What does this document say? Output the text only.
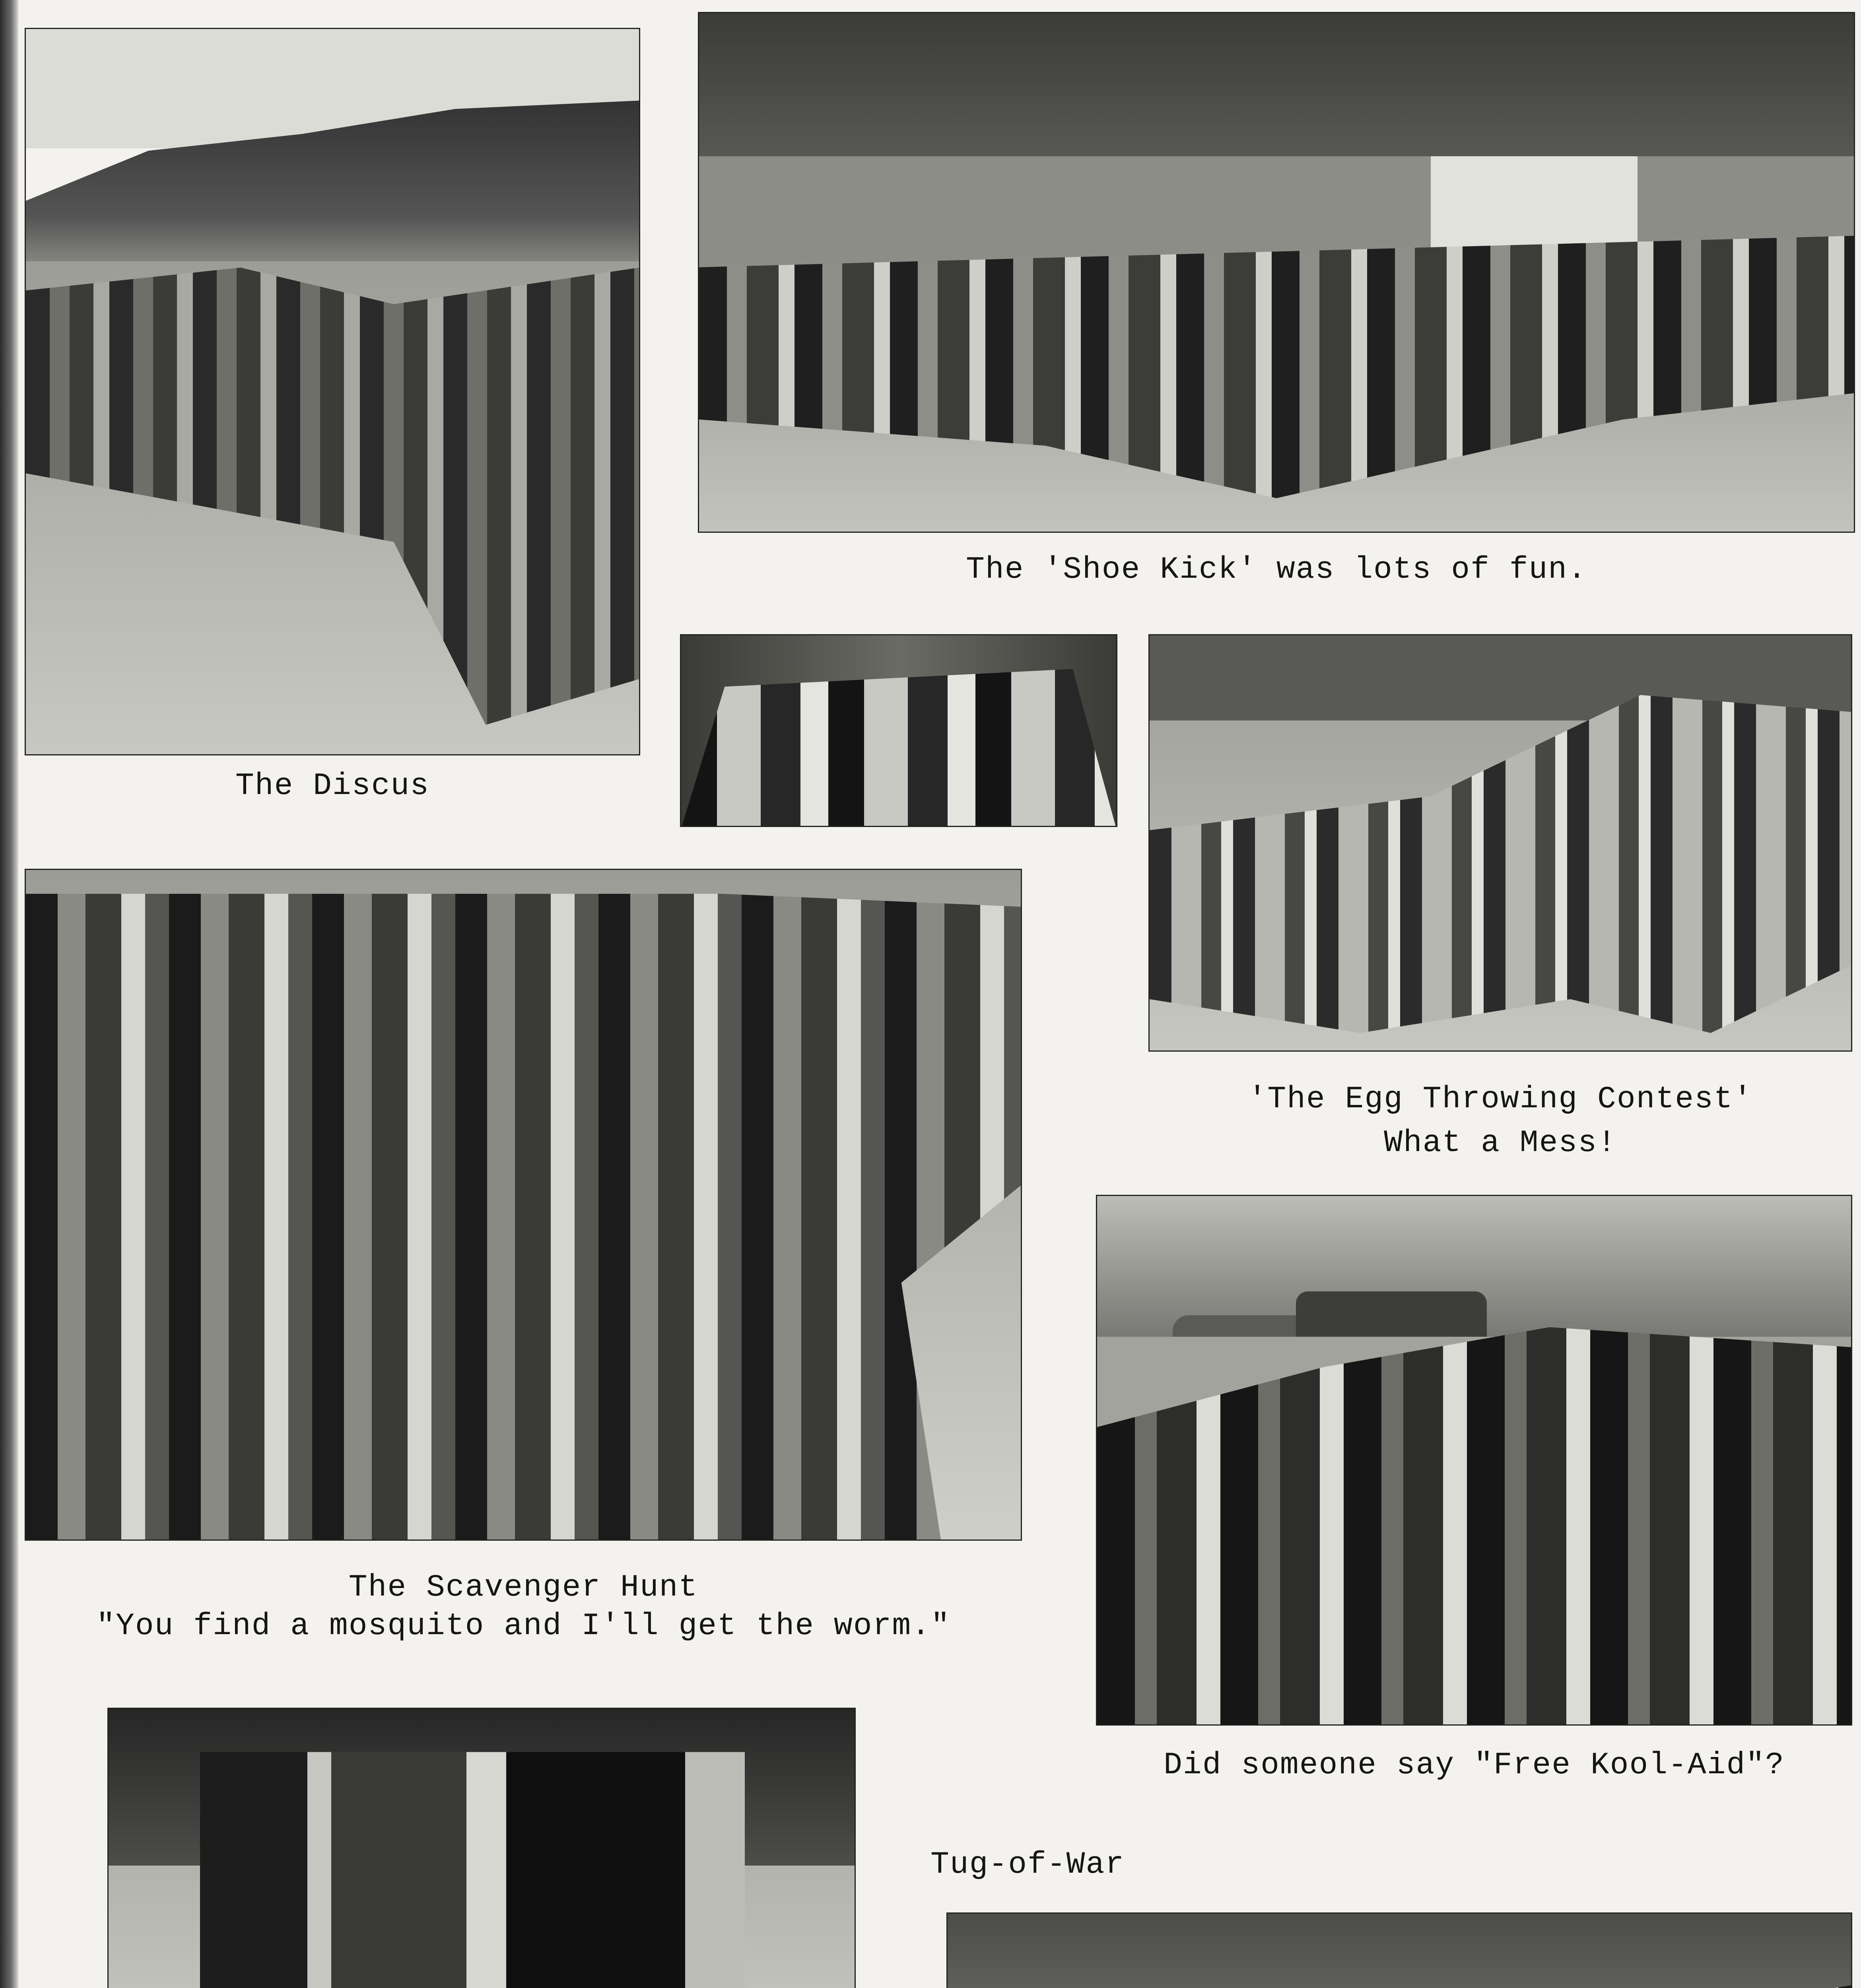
The 'Shoe Kick' was lots of fun.
The Discus
'The Egg Throwing Contest'
What a Mess!
The Scavenger Hunt
"You find a mosquito and I'll get the worm."
Did someone say "Free Kool-Aid"?
Tug-of-War
